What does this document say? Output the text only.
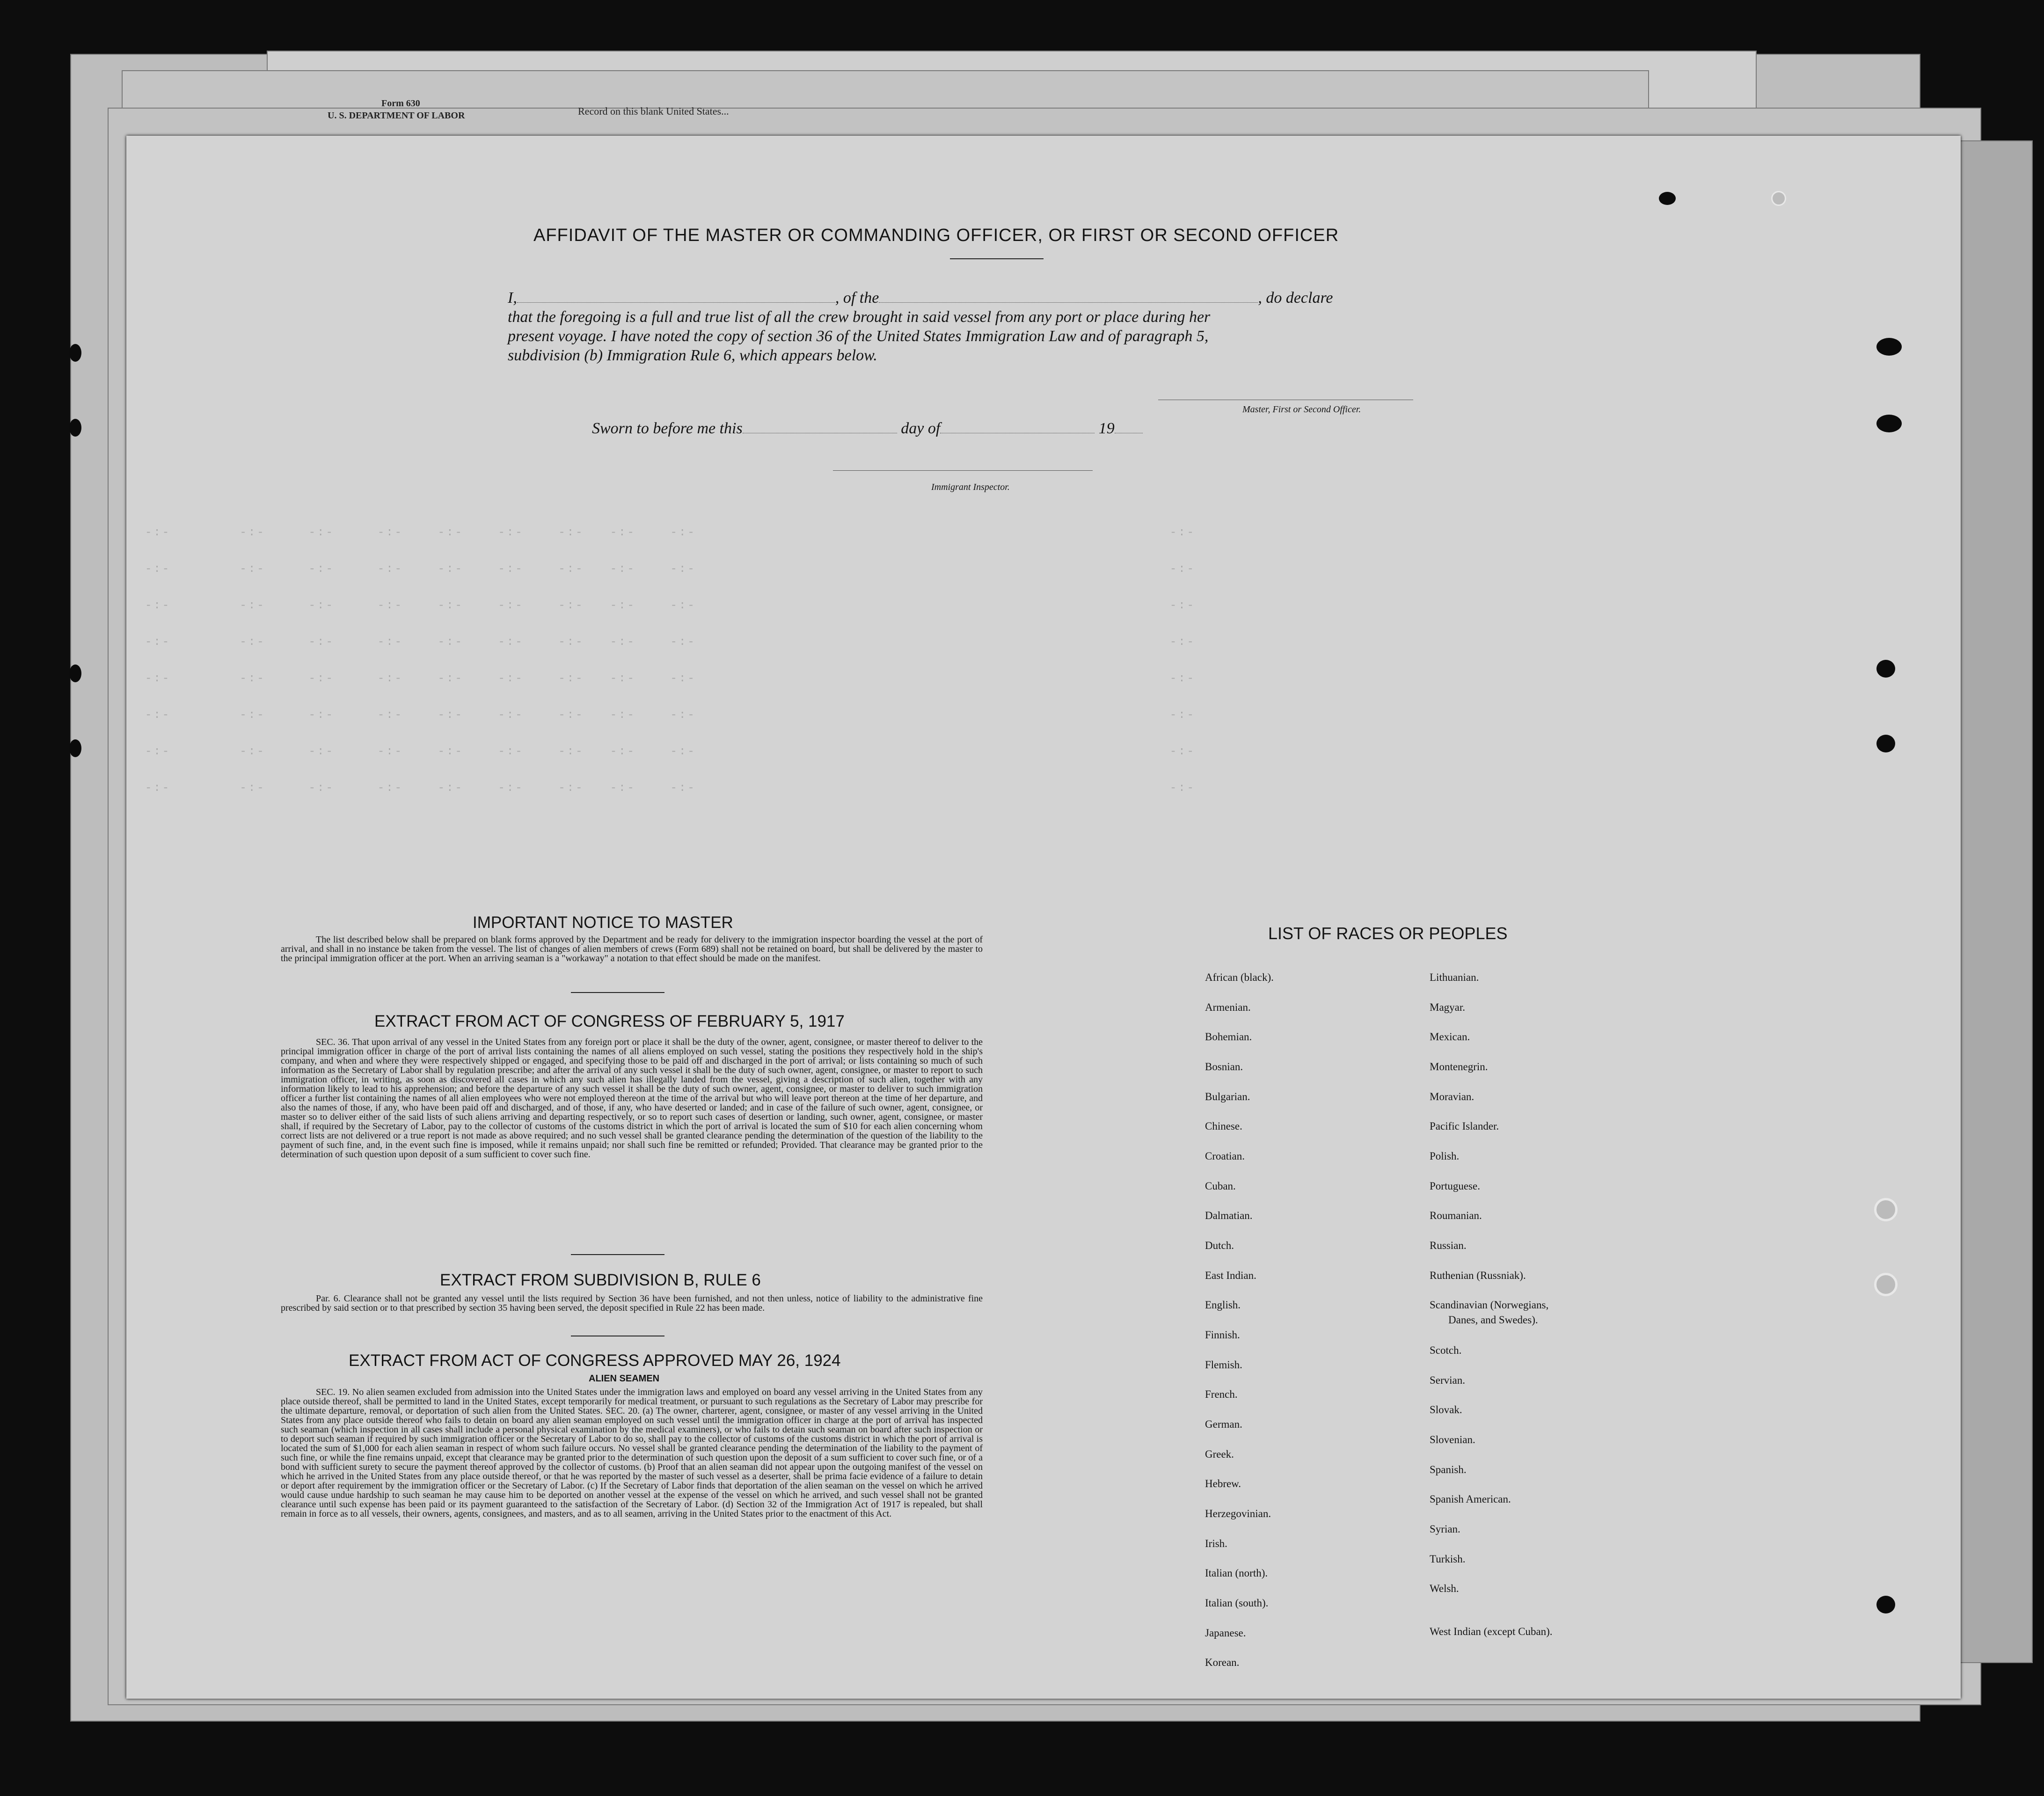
Form 630
U. S. DEPARTMENT OF LABOR	Record on this blank United States...
-:-        -:-     -:-     -:-    -:-    -:-    -:-   -:-    -:-                                                       -:-
-:-        -:-     -:-     -:-    -:-    -:-    -:-   -:-    -:-                                                       -:-
-:-        -:-     -:-     -:-    -:-    -:-    -:-   -:-    -:-                                                       -:-
-:-        -:-     -:-     -:-    -:-    -:-    -:-   -:-    -:-                                                       -:-
-:-        -:-     -:-     -:-    -:-    -:-    -:-   -:-    -:-                                                       -:-
-:-        -:-     -:-     -:-    -:-    -:-    -:-   -:-    -:-                                                       -:-
-:-        -:-     -:-     -:-    -:-    -:-    -:-   -:-    -:-                                                       -:-
-:-        -:-     -:-     -:-    -:-    -:-    -:-   -:-    -:-                                                       -:-
AFFIDAVIT OF THE MASTER OR COMMANDING OFFICER, OR FIRST OR SECOND OFFICER
I,	, of the	, do declare
that the foregoing is a full and true list of all the crew brought in said vessel from any port or place during her
present voyage. I have noted the copy of section 36 of the United States Immigration Law and of paragraph 5,
subdivision (b) Immigration Rule 6, which appears below.
Master, First or Second Officer.
Sworn to before me this	day of	19
Immigrant Inspector.
IMPORTANT NOTICE TO MASTER
The list described below shall be prepared on blank forms approved by the Department and be ready for delivery to the immigration inspector boarding the vessel at the port of arrival, and shall in no instance be taken from the vessel. The list of changes of alien members of crews (Form 689) shall not be retained on board, but shall be delivered by the master to the principal immigration officer at the port. When an arriving seaman is a "workaway" a notation to that effect should be made on the manifest.
EXTRACT FROM ACT OF CONGRESS OF FEBRUARY 5, 1917
SEC. 36. That upon arrival of any vessel in the United States from any foreign port or place it shall be the duty of the owner, agent, consignee, or master thereof to deliver to the principal immigration officer in charge of the port of arrival lists containing the names of all aliens employed on such vessel, stating the positions they respectively hold in the ship's company, and when and where they were respectively shipped or engaged, and specifying those to be paid off and discharged in the port of arrival; or lists containing so much of such information as the Secretary of Labor shall by regulation prescribe; and after the arrival of any such vessel it shall be the duty of such owner, agent, consignee, or master to report to such immigration officer, in writing, as soon as discovered all cases in which any such alien has illegally landed from the vessel, giving a description of such alien, together with any information likely to lead to his apprehension; and before the departure of any such vessel it shall be the duty of such owner, agent, consignee, or master to deliver to such immigration officer a further list containing the names of all alien employees who were not employed thereon at the time of the arrival but who will leave port thereon at the time of her departure, and also the names of those, if any, who have been paid off and discharged, and of those, if any, who have deserted or landed; and in case of the failure of such owner, agent, consignee, or master so to deliver either of the said lists of such aliens arriving and departing respectively, or so to report such cases of desertion or landing, such owner, agent, consignee, or master shall, if required by the Secretary of Labor, pay to the collector of customs of the customs district in which the port of arrival is located the sum of $10 for each alien concerning whom correct lists are not delivered or a true report is not made as above required; and no such vessel shall be granted clearance pending the determination of the question of the liability to the payment of such fine, and, in the event such fine is imposed, while it remains unpaid; nor shall such fine be remitted or refunded; Provided. That clearance may be granted prior to the determination of such question upon deposit of a sum sufficient to cover such fine.
EXTRACT FROM SUBDIVISION B, RULE 6
Par. 6. Clearance shall not be granted any vessel until the lists required by Section 36 have been furnished, and not then unless, notice of liability to the administrative fine prescribed by said section or to that prescribed by section 35 having been served, the deposit specified in Rule 22 has been made.
EXTRACT FROM ACT OF CONGRESS APPROVED MAY 26, 1924
ALIEN SEAMEN
SEC. 19. No alien seamen excluded from admission into the United States under the immigration laws and employed on board any vessel arriving in the United States from any place outside thereof, shall be permitted to land in the United States, except temporarily for medical treatment, or pursuant to such regulations as the Secretary of Labor may prescribe for the ultimate departure, removal, or deportation of such alien from the United States. SEC. 20. (a) The owner, charterer, agent, consignee, or master of any vessel arriving in the United States from any place outside thereof who fails to detain on board any alien seaman employed on such vessel until the immigration officer in charge at the port of arrival has inspected such seaman (which inspection in all cases shall include a personal physical examination by the medical examiners), or who fails to detain such seaman on board after such inspection or to deport such seaman if required by such immigration officer or the Secretary of Labor to do so, shall pay to the collector of customs of the customs district in which the port of arrival is located the sum of $1,000 for each alien seaman in respect of whom such failure occurs. No vessel shall be granted clearance pending the determination of the liability to the payment of such fine, or while the fine remains unpaid, except that clearance may be granted prior to the determination of such question upon the deposit of a sum sufficient to cover such fine, or of a bond with sufficient surety to secure the payment thereof approved by the collector of customs. (b) Proof that an alien seaman did not appear upon the outgoing manifest of the vessel on which he arrived in the United States from any place outside thereof, or that he was reported by the master of such vessel as a deserter, shall be prima facie evidence of a failure to detain or deport after requirement by the immigration officer or the Secretary of Labor. (c) If the Secretary of Labor finds that deportation of the alien seaman on the vessel on which he arrived would cause undue hardship to such seaman he may cause him to be deported on another vessel at the expense of the vessel on which he arrived, and such vessel shall not be granted clearance until such expense has been paid or its payment guaranteed to the satisfaction of the Secretary of Labor. (d) Section 32 of the Immigration Act of 1917 is repealed, but shall remain in force as to all vessels, their owners, agents, consignees, and masters, and as to all seamen, arriving in the United States prior to the enactment of this Act.
LIST OF RACES OR PEOPLES
African (black).
Armenian.
Bohemian.
Bosnian.
Bulgarian.
Chinese.
Croatian.
Cuban.
Dalmatian.
Dutch.
East Indian.
English.
Finnish.
Flemish.
French.
German.
Greek.
Hebrew.
Herzegovinian.
Irish.
Italian (north).
Italian (south).
Japanese.
Korean.
Lithuanian.
Magyar.
Mexican.
Montenegrin.
Moravian.
Pacific Islander.
Polish.
Portuguese.
Roumanian.
Russian.
Ruthenian (Russniak).
Scandinavian (Norwegians,
Danes, and Swedes).
Scotch.
Servian.
Slovak.
Slovenian.
Spanish.
Spanish American.
Syrian.
Turkish.
Welsh.
West Indian (except Cuban).
